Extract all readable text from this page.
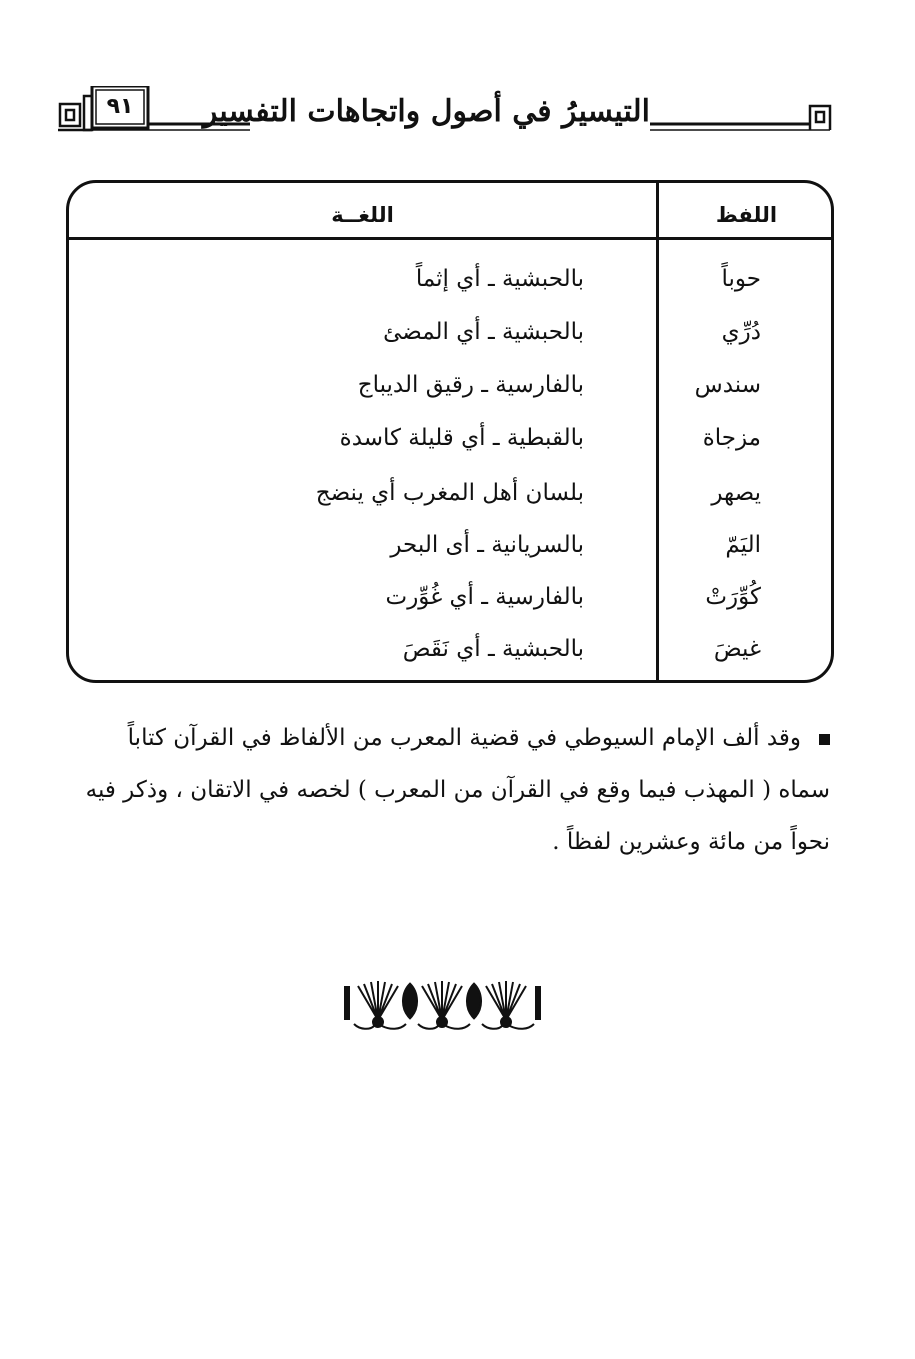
٩١	التيسيرُ في أصول واتجاهات التفسير
اللفظ
اللغــة
حوباً
بالحبشية ـ أي إثماً
دُرِّي
بالحبشية ـ أي المضئ
سندس
بالفارسية ـ رقيق الديباج
مزجاة
بالقبطية ـ أي قليلة كاسدة
يصهر
بلسان أهل المغرب أي ينضج
اليَمّ
بالسريانية ـ أى البحر
كُوِّرَتْ
بالفارسية ـ أي غُوِّرت
غيضَ
بالحبشية ـ أي نَقَصَ
وقد ألف الإمام السيوطي في قضية المعرب من الألفاظ في القرآن كتاباً
سماه ( المهذب فيما وقع في القرآن من المعرب ) لخصه في الاتقان ، وذكر فيه
نحواً من مائة وعشرين لفظاً .
